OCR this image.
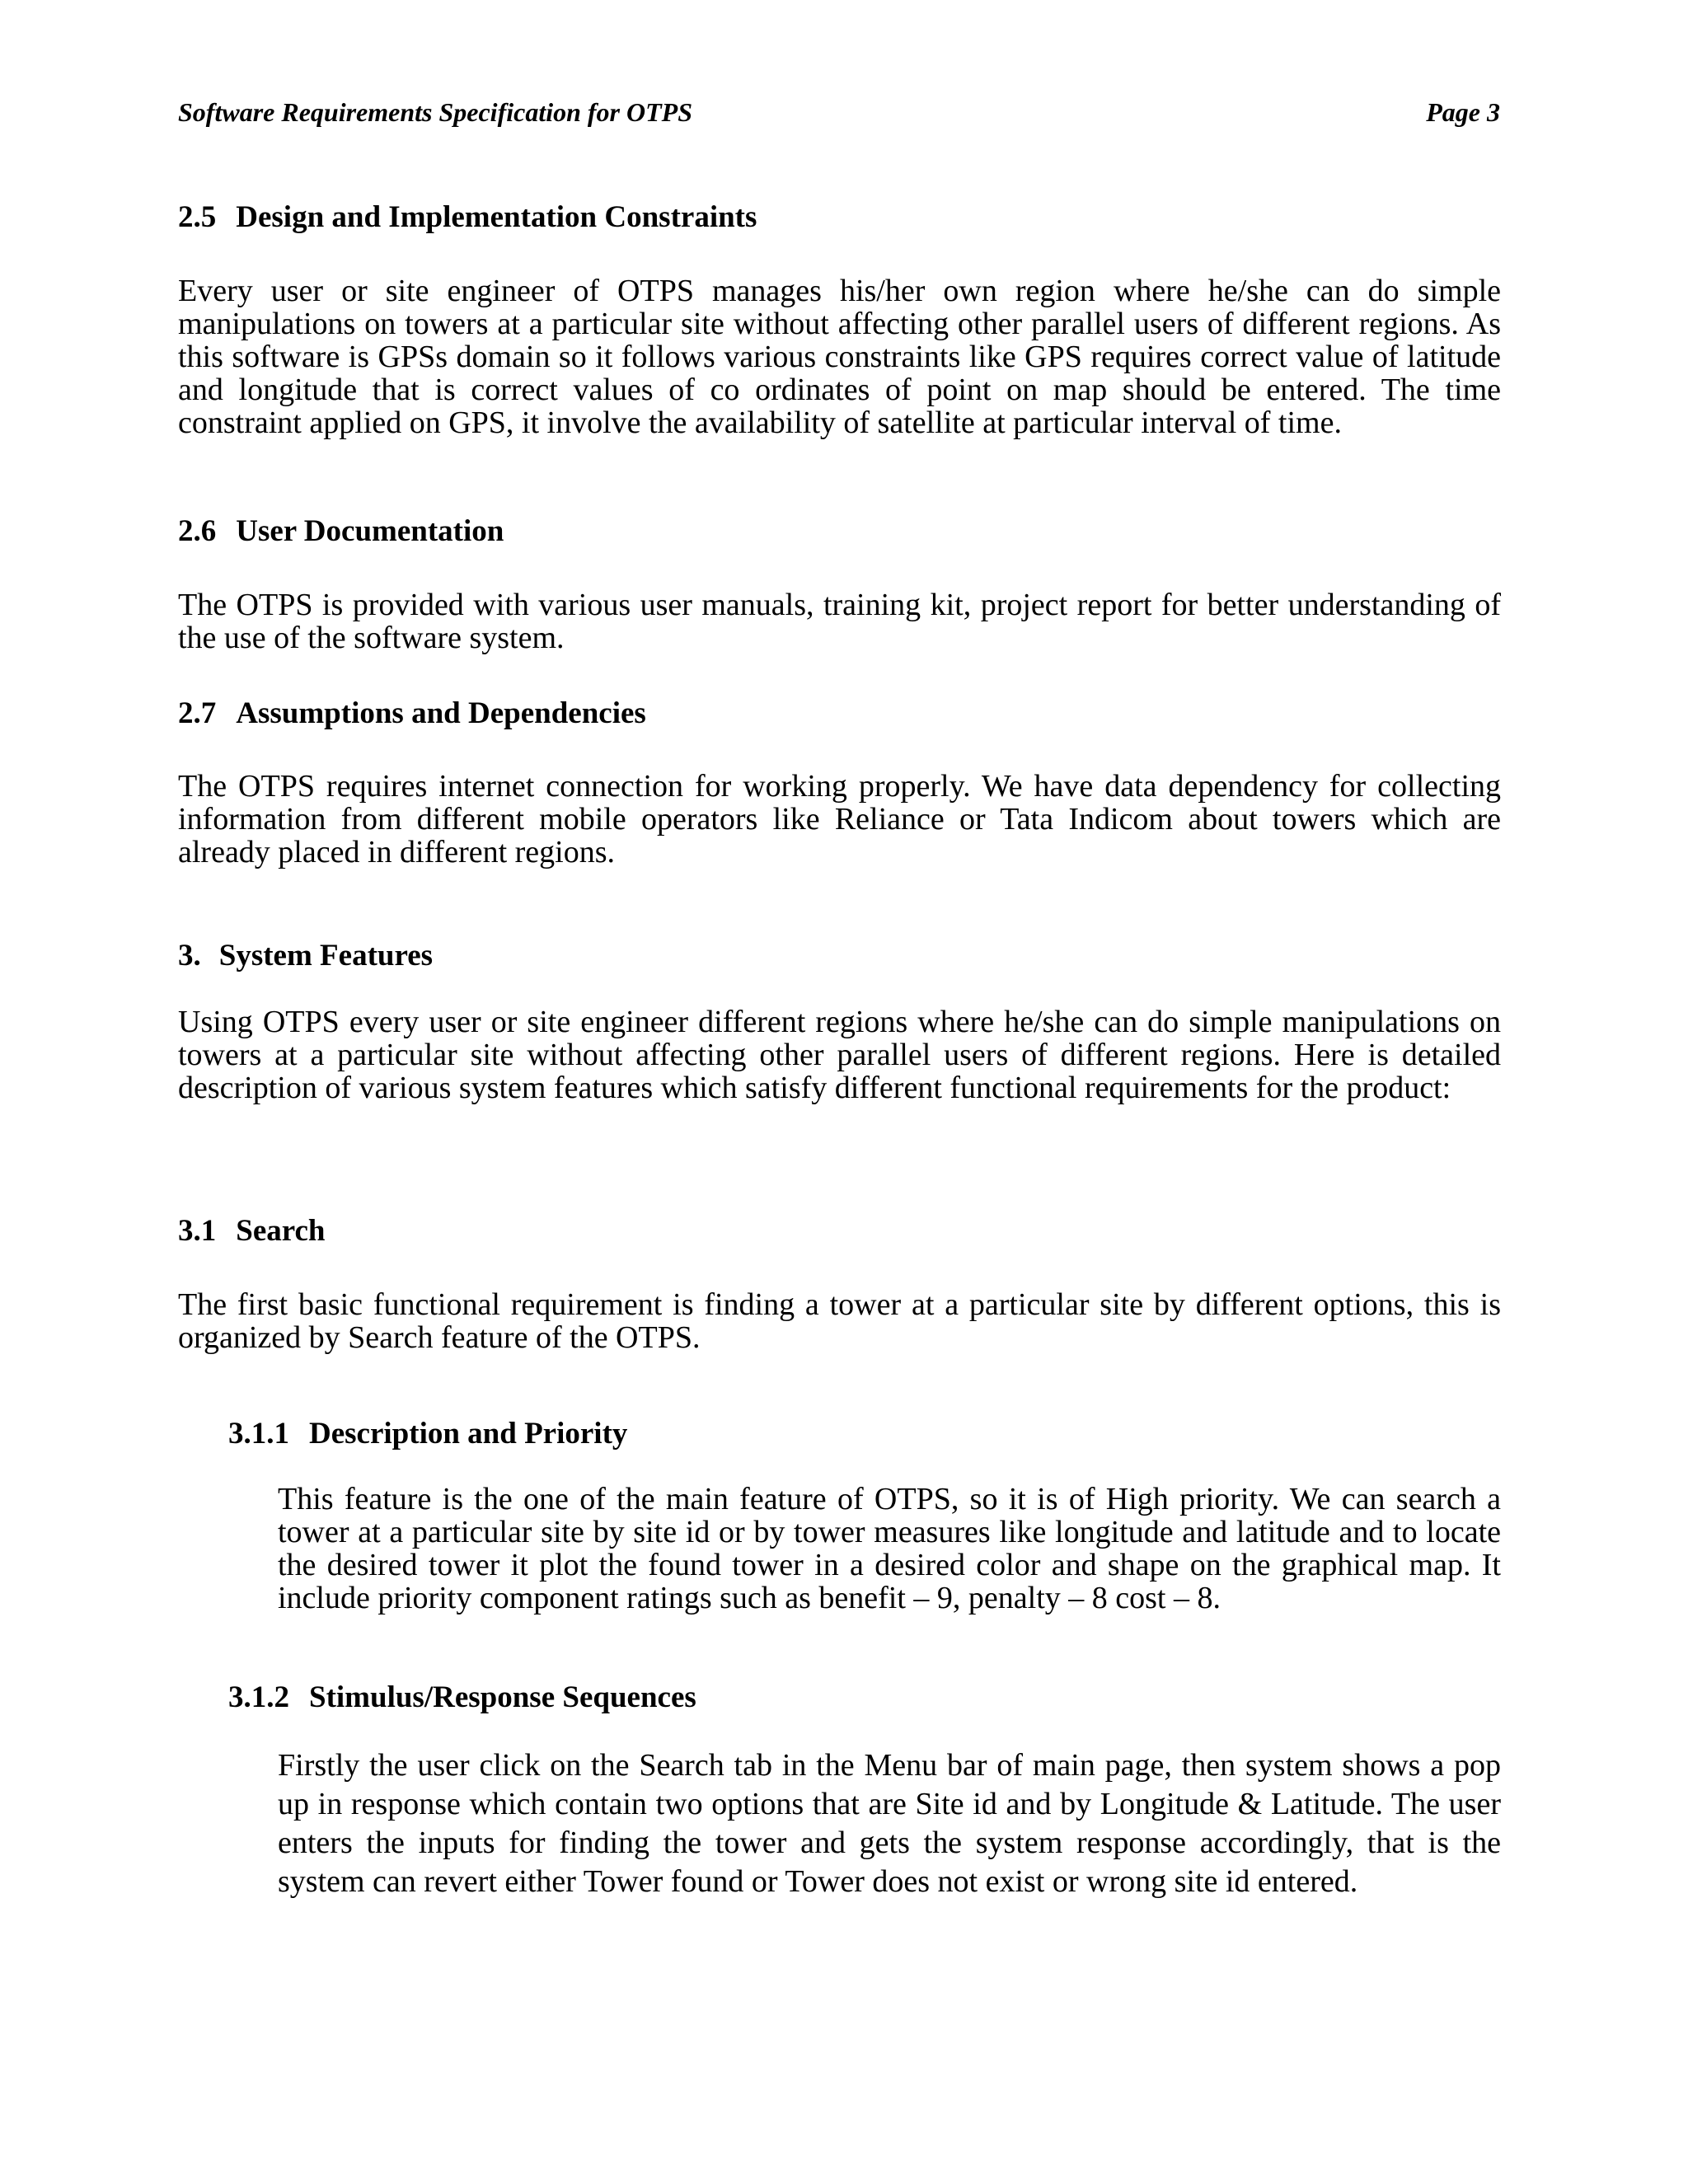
Software Requirements Specification for OTPS	Page 3
2.5 Design and Implementation Constraints

Every user or site engineer of OTPS manages his/her own region where he/she can do simple manipulations on towers at a particular site without affecting other parallel users of different regions. As this software is GPSs domain so it follows various constraints like GPS requires correct value of latitude and longitude that is correct values of co ordinates of point on map should be entered. The time constraint applied on GPS, it involve the availability of satellite at particular interval of time.

2.6 User Documentation

The OTPS is provided with various user manuals, training kit, project report for better understanding of the use of the software system.

2.7 Assumptions and Dependencies

The OTPS requires internet connection for working properly. We have data dependency for collecting information from different mobile operators like Reliance or Tata Indicom about towers which are already placed in different regions.

3. System Features

Using OTPS every user or site engineer different regions where he/she can do simple manipulations on towers at a particular site without affecting other parallel users of different regions. Here is detailed description of various system features which satisfy different functional requirements for the product:

3.1 Search

The first basic functional requirement is finding a tower at a particular site by different options, this is organized by Search feature of the OTPS.

3.1.1 Description and Priority

This feature is the one of the main feature of OTPS, so it is of High priority. We can search a tower at a particular site by site id or by tower measures like longitude and latitude and to locate the desired tower it plot the found tower in a desired color and shape on the graphical map. It include priority component ratings such as benefit – 9, penalty – 8 cost – 8.

3.1.2 Stimulus/Response Sequences

Firstly the user click on the Search tab in the Menu bar of main page, then system shows a pop up in response which contain two options that are Site id and by Longitude & Latitude. The user enters the inputs for finding the tower and gets the system response accordingly, that is the system can revert either Tower found or Tower does not exist or wrong site id entered.
